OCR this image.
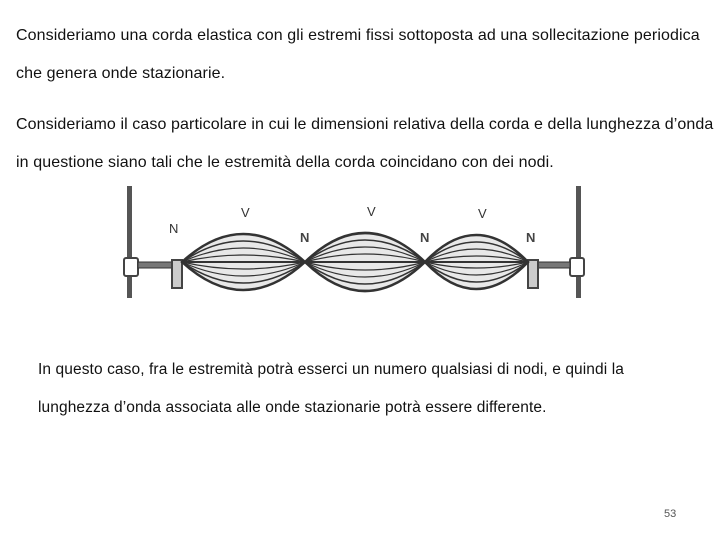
Consideriamo una corda elastica con gli estremi fissi sottoposta ad una sollecitazione periodica che genera onde stazionarie.

Consideriamo il caso particolare in cui le dimensioni relativa della corda e della lunghezza d’onda in questione siano tali che le estremità della corda coincidano con dei nodi.

N	N	N
N
V	V	V

In questo caso, fra le estremità potrà esserci un numero qualsiasi di nodi, e quindi la lunghezza d’onda associata alle onde stazionarie potrà essere differente.

53
